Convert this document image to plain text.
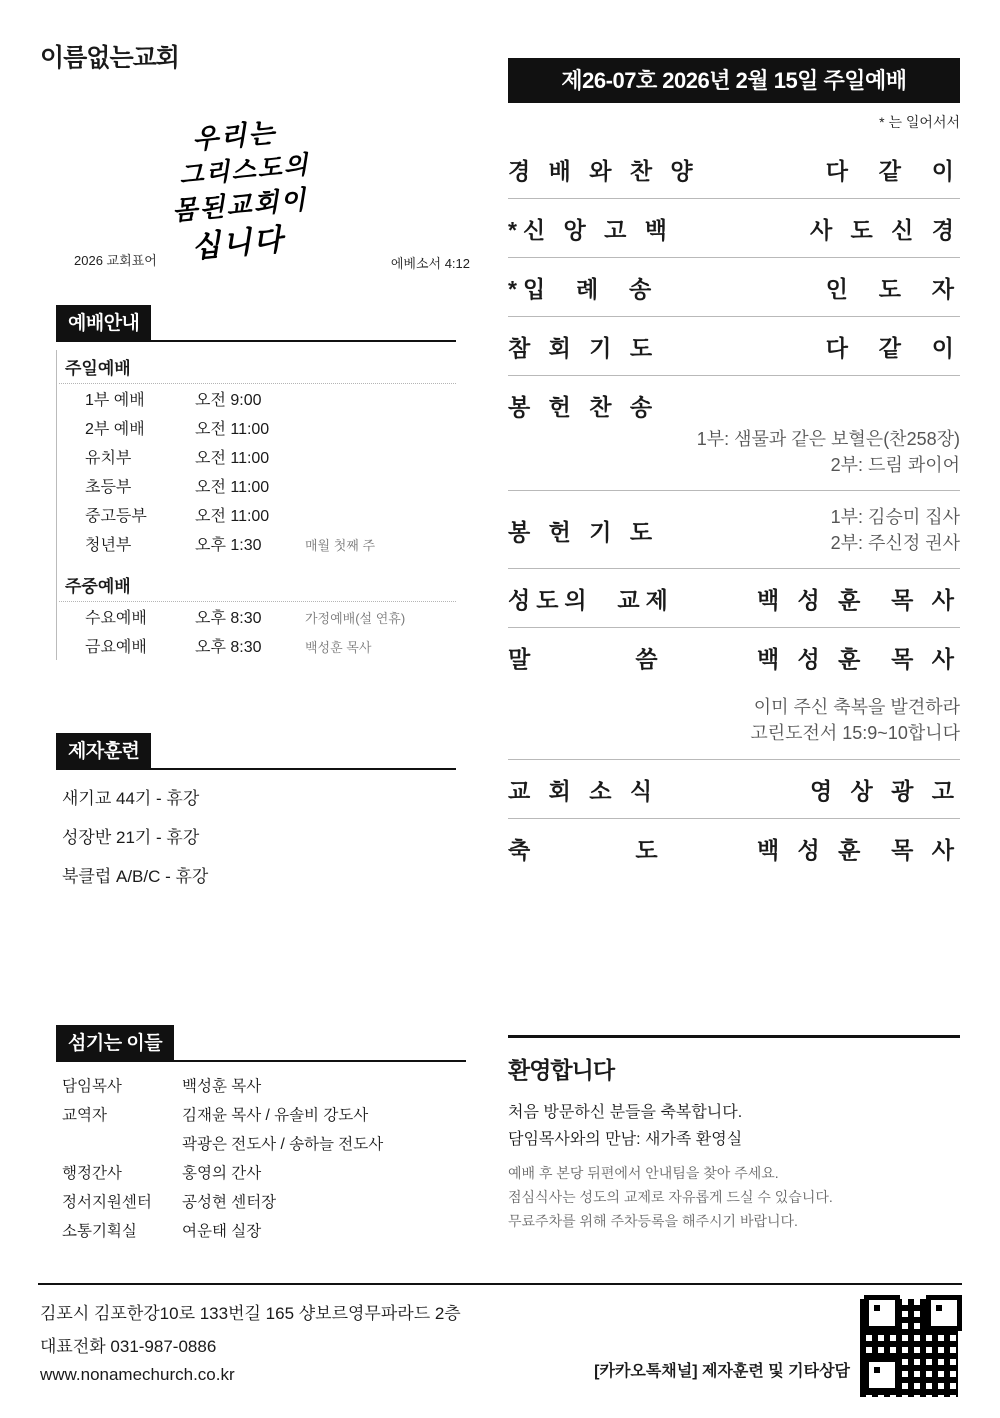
이름없는교회
제26-07호 2026년 2월 15일 주일예배
* 는 일어서서
우리는
그리스도의
몸된교회이
십니다
2026 교회표어	에베소서 4:12
예배안내
주일예배
1부 예배	오전 9:00
2부 예배	오전 11:00
유치부	오전 11:00
초등부	오전 11:00
중고등부	오전 11:00
청년부	오후 1:30	매월 첫째 주
주중예배
수요예배	오후 8:30	가정예배(설 연휴)
금요예배	오후 8:30	백성훈 목사
제자훈련
새기교 44기 - 휴강
성장반 21기 - 휴강
북클럽 A/B/C - 휴강
섬기는 이들
담임목사	백성훈 목사
교역자	김재윤 목사 / 유솔비 강도사
곽광은 전도사 / 송하늘 전도사
행정간사	홍영의 간사
정서지원센터	공성현 센터장
소통기획실	여운태 실장
경 배 와 찬 양	다  같  이
*신 앙 고 백	사 도 신 경
*입  례  송	인  도  자
참 회 기 도	다  같  이
봉 헌 찬 송
1부: 샘물과 같은 보혈은(찬258장)
2부: 드림 콰이어
봉 헌 기 도
1부: 김승미 집사
2부: 주신정 권사
성도의  교제	백 성 훈  목 사
말        씀	백 성 훈  목 사
이미 주신 축복을 발견하라
고린도전서 15:9~10합니다
교 회 소 식	영 상 광 고
축        도	백 성 훈  목 사
환영합니다
처음 방문하신 분들을 축복합니다.
담임목사와의 만남: 새가족 환영실
예배 후 본당 뒤편에서 안내팀을 찾아 주세요.
점심식사는 성도의 교제로 자유롭게 드실 수 있습니다.
무료주차를 위해 주차등록을 해주시기 바랍니다.
김포시 김포한강10로 133번길 165 샹보르영무파라드 2층
대표전화 031-987-0886
www.nonamechurch.co.kr	[카카오톡채널] 제자훈련 및 기타상담
